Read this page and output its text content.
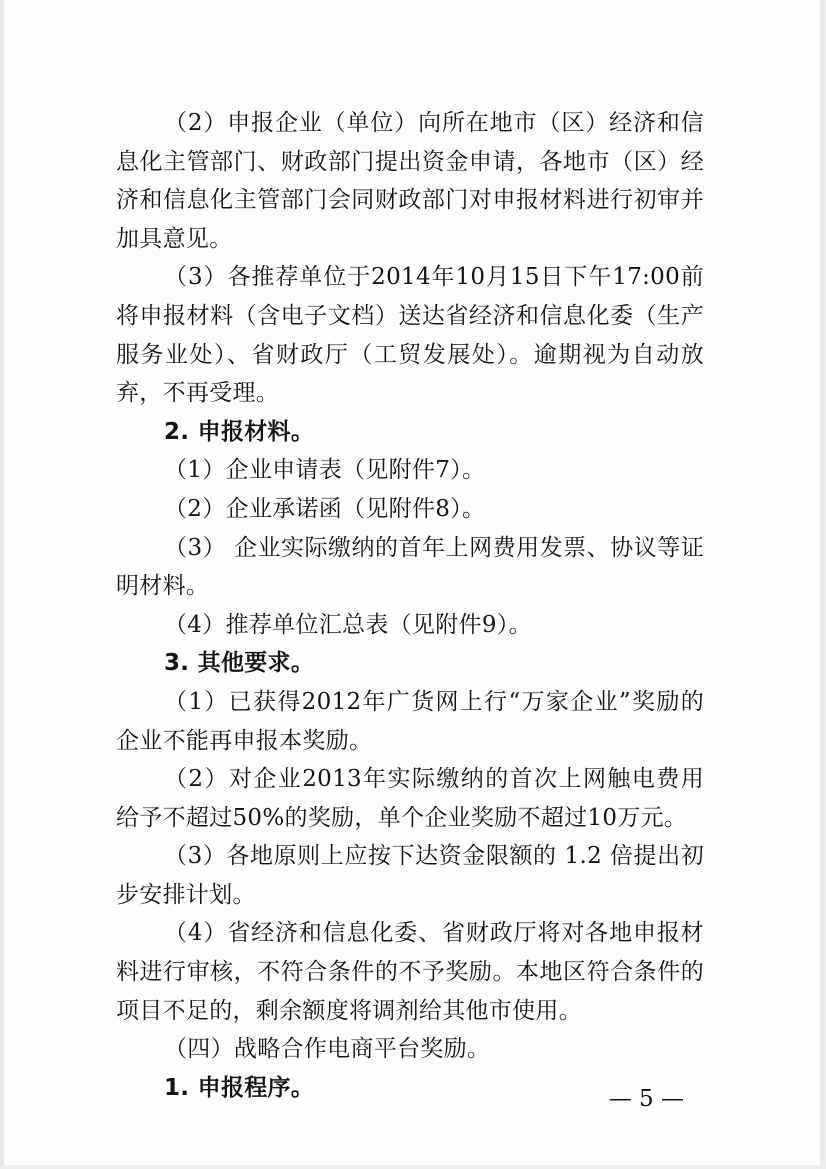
（2）申报企业（单位）向所在地市（区）经济和信息化主管部门、财政部门提出资金申请，各地市（区）经济和信息化主管部门会同财政部门对申报材料进行初审并加具意见。

（3）各推荐单位于2014年10月15日下午17:00前将申报材料（含电子文档）送达省经济和信息化委（生产服务业处）、省财政厅（工贸发展处）。逾期视为自动放弃，不再受理。

2. 申报材料。

（1）企业申请表（见附件7）。

（2）企业承诺函（见附件8）。

（3） 企业实际缴纳的首年上网费用发票、协议等证明材料。

（4）推荐单位汇总表（见附件9）。

3. 其他要求。

（1）已获得2012年广货网上行“万家企业”奖励的企业不能再申报本奖励。

（2）对企业2013年实际缴纳的首次上网触电费用给予不超过50%的奖励，单个企业奖励不超过10万元。

（3）各地原则上应按下达资金限额的 1.2 倍提出初步安排计划。

（4）省经济和信息化委、省财政厅将对各地申报材料进行审核，不符合条件的不予奖励。本地区符合条件的项目不足的，剩余额度将调剂给其他市使用。

（四）战略合作电商平台奖励。

1. 申报程序。	— 5 —
